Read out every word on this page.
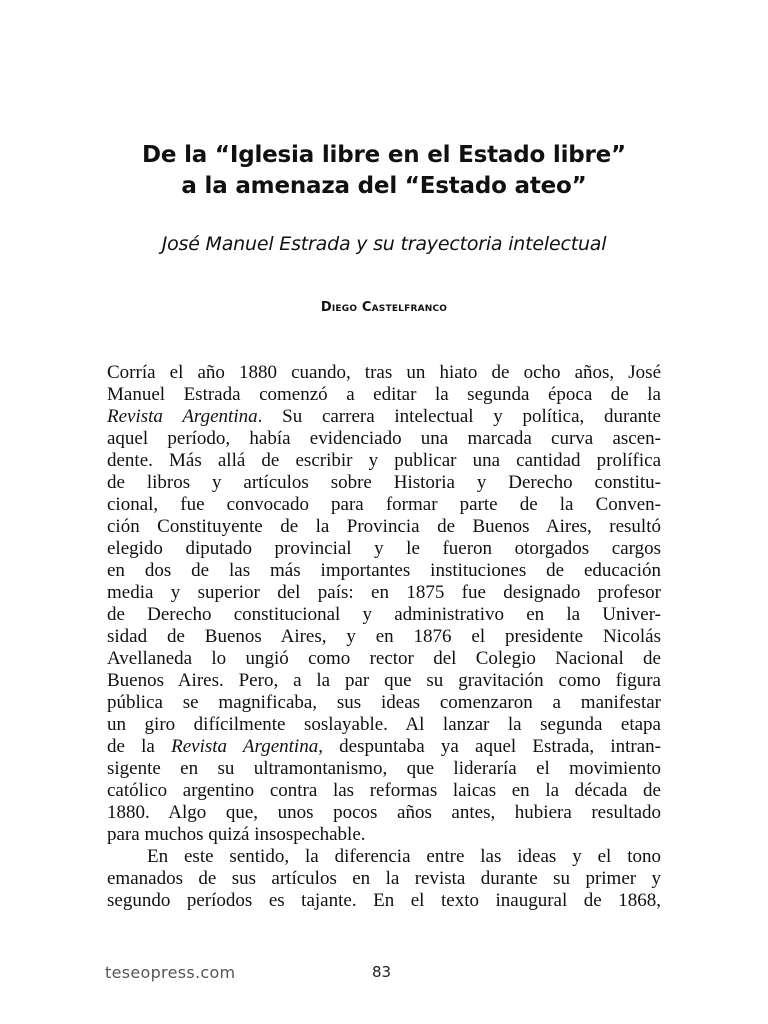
De la “Iglesia libre en el Estado libre”
a la amenaza del “Estado ateo”
José Manuel Estrada y su trayectoria intelectual
Diego Castelfranco
Corría el año 1880 cuando, tras un hiato de ocho años, José
Manuel Estrada comenzó a editar la segunda época de la
Revista Argentina. Su carrera intelectual y política, durante
aquel período, había evidenciado una marcada curva ascen-
dente. Más allá de escribir y publicar una cantidad prolífica
de libros y artículos sobre Historia y Derecho constitu-
cional, fue convocado para formar parte de la Conven-
ción Constituyente de la Provincia de Buenos Aires, resultó
elegido diputado provincial y le fueron otorgados cargos
en dos de las más importantes instituciones de educación
media y superior del país: en 1875 fue designado profesor
de Derecho constitucional y administrativo en la Univer-
sidad de Buenos Aires, y en 1876 el presidente Nicolás
Avellaneda lo ungió como rector del Colegio Nacional de
Buenos Aires. Pero, a la par que su gravitación como figura
pública se magnificaba, sus ideas comenzaron a manifestar
un giro difícilmente soslayable. Al lanzar la segunda etapa
de la Revista Argentina, despuntaba ya aquel Estrada, intran-
sigente en su ultramontanismo, que lideraría el movimiento
católico argentino contra las reformas laicas en la década de
1880. Algo que, unos pocos años antes, hubiera resultado
para muchos quizá insospechable.
En este sentido, la diferencia entre las ideas y el tono
emanados de sus artículos en la revista durante su primer y
segundo períodos es tajante. En el texto inaugural de 1868,
teseopress.com	83
